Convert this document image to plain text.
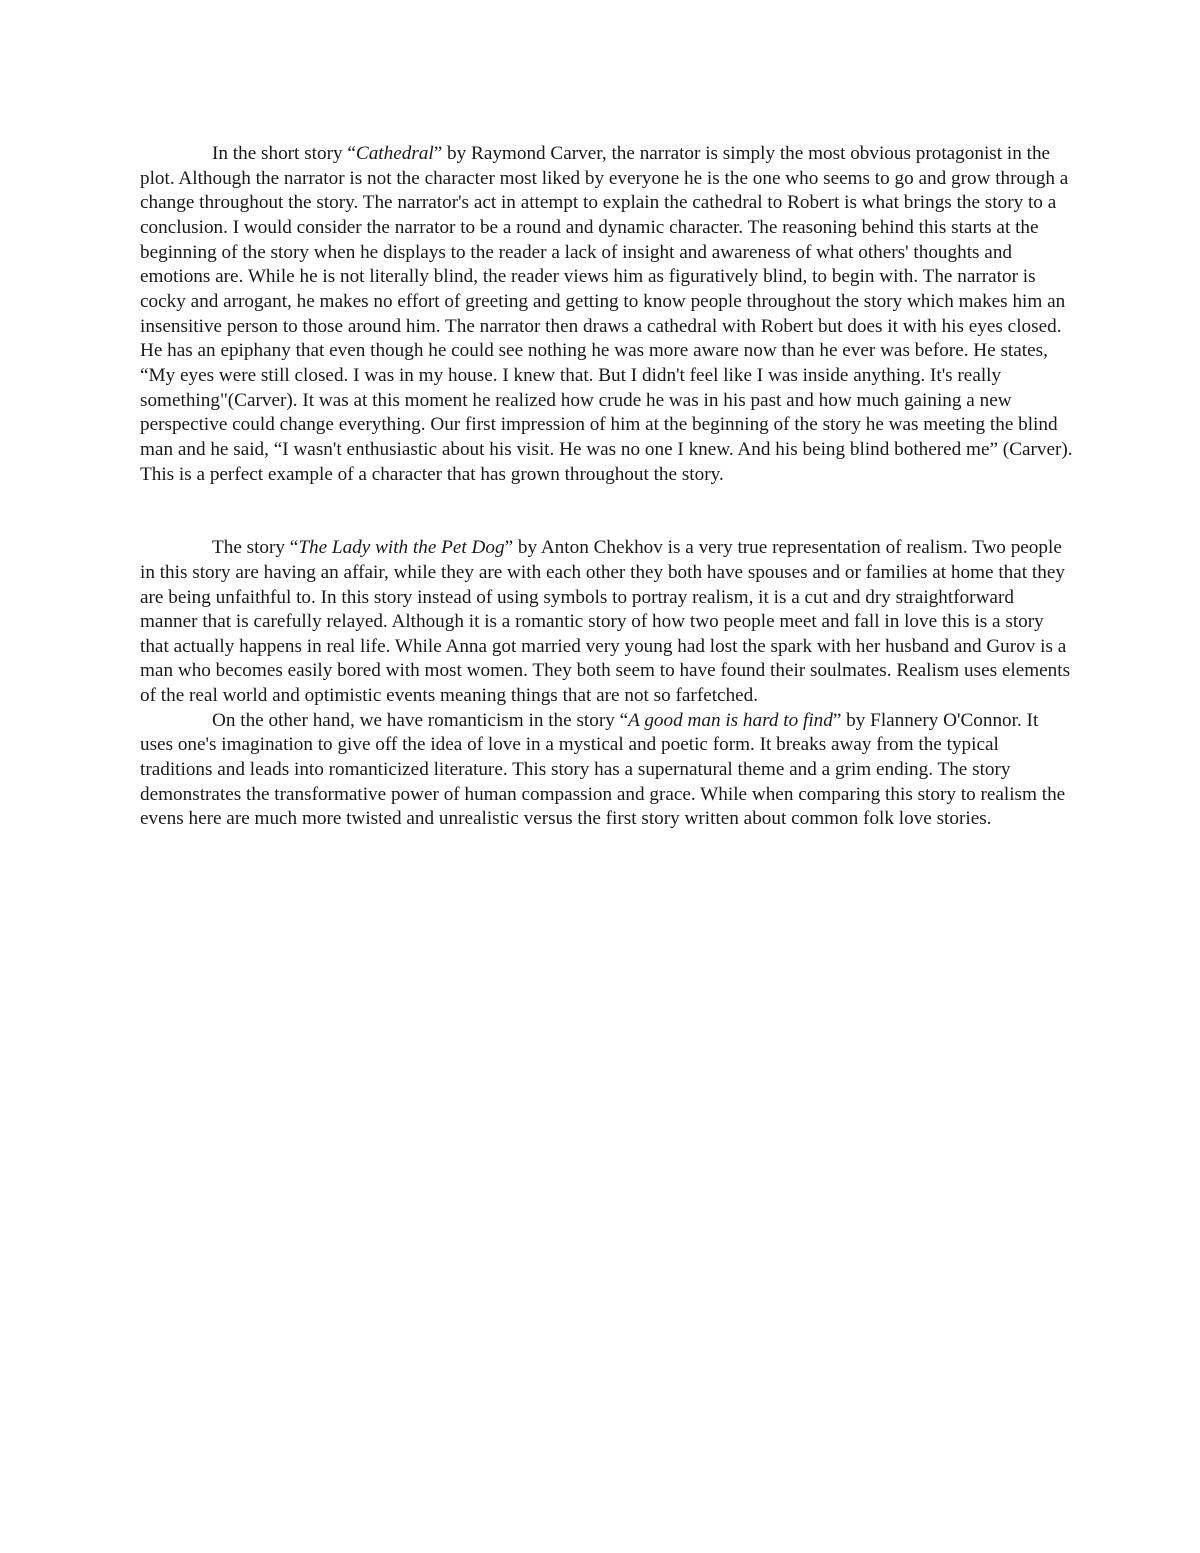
In the short story “Cathedral” by Raymond Carver, the narrator is simply the most obvious protagonist in the plot. Although the narrator is not the character most liked by everyone he is the one who seems to go and grow through a change throughout the story. The narrator's act in attempt to explain the cathedral to Robert is what brings the story to a conclusion. I would consider the narrator to be a round and dynamic character. The reasoning behind this starts at the beginning of the story when he displays to the reader a lack of insight and awareness of what others' thoughts and emotions are. While he is not literally blind, the reader views him as figuratively blind, to begin with. The narrator is cocky and arrogant, he makes no effort of greeting and getting to know people throughout the story which makes him an insensitive person to those around him. The narrator then draws a cathedral with Robert but does it with his eyes closed. He has an epiphany that even though he could see nothing he was more aware now than he ever was before. He states, “My eyes were still closed. I was in my house. I knew that. But I didn't feel like I was inside anything. It's really something"(Carver). It was at this moment he realized how crude he was in his past and how much gaining a new perspective could change everything. Our first impression of him at the beginning of the story he was meeting the blind man and he said, “I wasn't enthusiastic about his visit. He was no one I knew. And his being blind bothered me” (Carver). This is a perfect example of a character that has grown throughout the story.

The story “The Lady with the Pet Dog” by Anton Chekhov is a very true representation of realism. Two people in this story are having an affair, while they are with each other they both have spouses and or families at home that they are being unfaithful to. In this story instead of using symbols to portray realism, it is a cut and dry straightforward manner that is carefully relayed. Although it is a romantic story of how two people meet and fall in love this is a story that actually happens in real life. While Anna got married very young had lost the spark with her husband and Gurov is a man who becomes easily bored with most women. They both seem to have found their soulmates. Realism uses elements of the real world and optimistic events meaning things that are not so farfetched.

On the other hand, we have romanticism in the story “A good man is hard to find” by Flannery O'Connor. It uses one's imagination to give off the idea of love in a mystical and poetic form. It breaks away from the typical traditions and leads into romanticized literature. This story has a supernatural theme and a grim ending. The story demonstrates the transformative power of human compassion and grace. While when comparing this story to realism the evens here are much more twisted and unrealistic versus the first story written about common folk love stories.
